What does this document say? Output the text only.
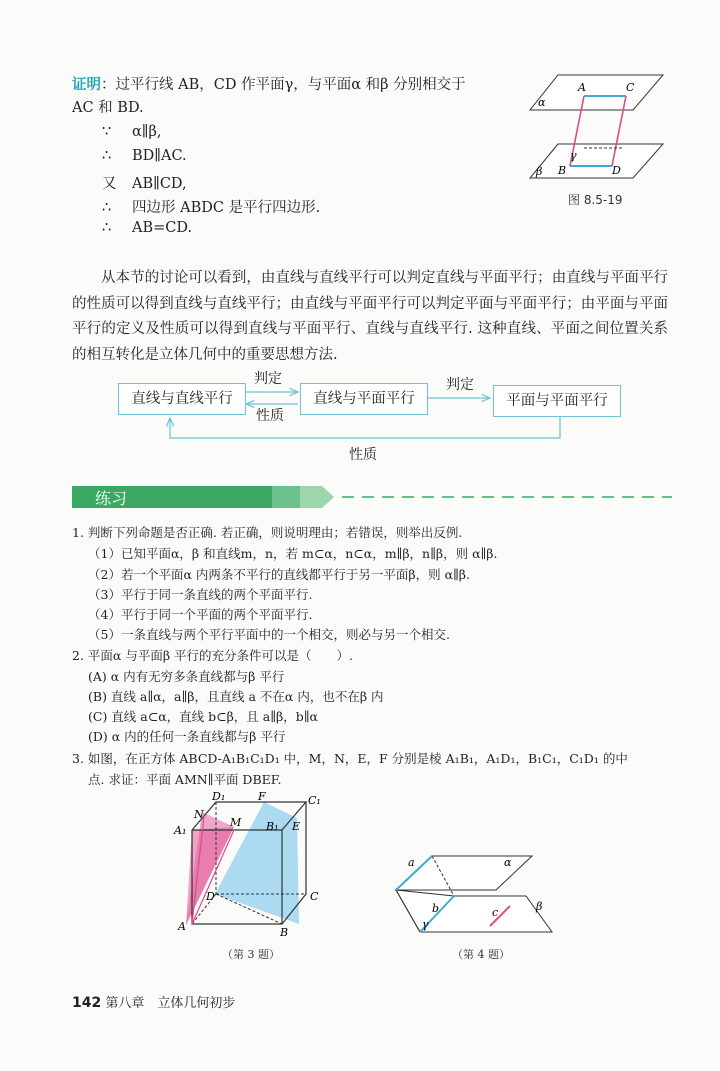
证明：过平行线 AB，CD 作平面γ，与平面α 和β 分别相交于
AC 和 BD.
∵ α∥β,
∴ BD∥AC.
又 AB∥CD,
∴ 四边形 ABDC 是平行四边形.
∴ AB=CD.
A	C
α
γ
β B	D
图 8.5-19
从本节的讨论可以看到，由直线与直线平行可以判定直线与平面平行；由直线与平面平行的性质可以得到直线与直线平行；由直线与平面平行可以判定平面与平面平行；由平面与平面平行的定义及性质可以得到直线与平面平行、直线与直线平行. 这种直线、平面之间位置关系的相互转化是立体几何中的重要思想方法.
直线与直线平行	直线与平面平行	平面与平面平行
判定
性质
判定
性质
练习
1. 判断下列命题是否正确. 若正确，则说明理由；若错误，则举出反例.
（1）已知平面α，β 和直线m，n，若 m⊂α，n⊂α，m∥β，n∥β，则 α∥β.
（2）若一个平面α 内两条不平行的直线都平行于另一平面β，则 α∥β.
（3）平行于同一条直线的两个平面平行.
（4）平行于同一个平面的两个平面平行.
（5）一条直线与两个平行平面中的一个相交，则必与另一个相交.
2. 平面α 与平面β 平行的充分条件可以是（　　）.
(A) α 内有无穷多条直线都与β 平行
(B) 直线 a∥α，a∥β，且直线 a 不在α 内，也不在β 内
(C) 直线 a⊂α，直线 b⊂β，且 a∥β，b∥α
(D) α 内的任何一条直线都与β 平行
3. 如图，在正方体 ABCD-A₁B₁C₁D₁ 中，M，N，E，F 分别是棱 A₁B₁，A₁D₁，B₁C₁，C₁D₁ 的中
点. 求证：平面 AMN∥平面 DBEF.
D₁	F	C₁
N
A₁
M B₁ E
D	C
A	B
（第 3 题）
a	α
b
γ
c	β
（第 4 题）
142 第八章　立体几何初步
